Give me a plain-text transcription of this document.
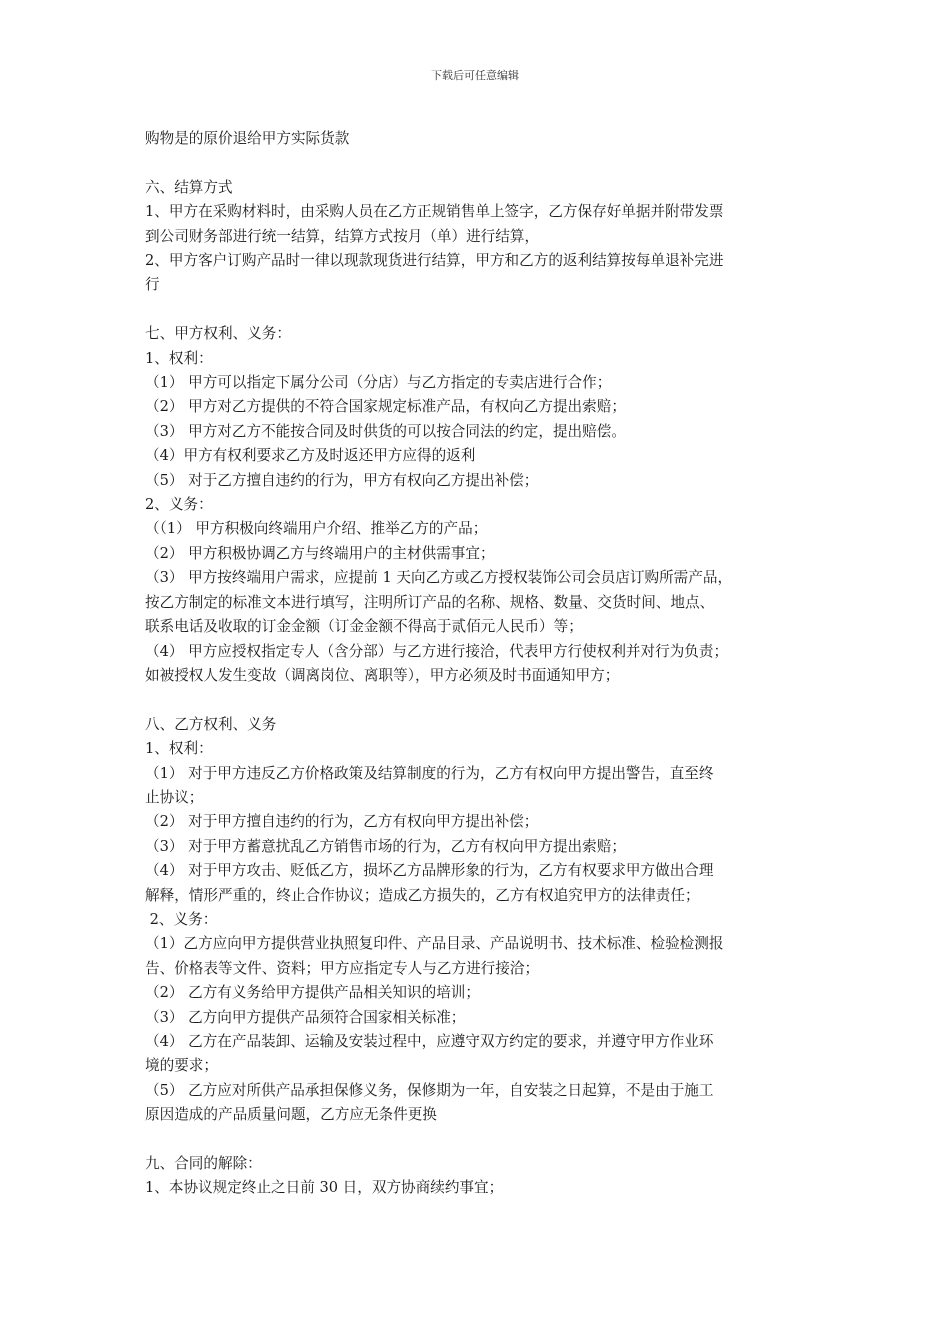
下载后可任意编辑
购物是的原价退给甲方实际货款
六、结算方式
1、甲方在采购材料时，由采购人员在乙方正规销售单上签字，乙方保存好单据并附带发票
到公司财务部进行统一结算，结算方式按月（单）进行结算，
2、甲方客户订购产品时一律以现款现货进行结算，甲方和乙方的返利结算按每单退补完进
行
七、甲方权利、义务：
1、权利：
（1） 甲方可以指定下属分公司（分店）与乙方指定的专卖店进行合作；
（2） 甲方对乙方提供的不符合国家规定标准产品，有权向乙方提出索赔；
（3） 甲方对乙方不能按合同及时供货的可以按合同法的约定，提出赔偿。
（4）甲方有权利要求乙方及时返还甲方应得的返利
（5） 对于乙方擅自违约的行为，甲方有权向乙方提出补偿；
2、义务：
（（1） 甲方积极向终端用户介绍、推举乙方的产品；
（2） 甲方积极协调乙方与终端用户的主材供需事宜；
（3） 甲方按终端用户需求，应提前 1 天向乙方或乙方授权装饰公司会员店订购所需产品，
按乙方制定的标准文本进行填写，注明所订产品的名称、规格、数量、交货时间、地点、
联系电话及收取的订金金额（订金金额不得高于贰佰元人民币）等；
（4） 甲方应授权指定专人（含分部）与乙方进行接洽，代表甲方行使权利并对行为负责；
如被授权人发生变故（调离岗位、离职等），甲方必须及时书面通知甲方；
八、乙方权利、义务
1、权利：
（1） 对于甲方违反乙方价格政策及结算制度的行为，乙方有权向甲方提出警告，直至终
止协议；
（2） 对于甲方擅自违约的行为，乙方有权向甲方提出补偿；
（3） 对于甲方蓄意扰乱乙方销售市场的行为，乙方有权向甲方提出索赔；
（4） 对于甲方攻击、贬低乙方，损坏乙方品牌形象的行为，乙方有权要求甲方做出合理
解释，情形严重的，终止合作协议；造成乙方损失的，乙方有权追究甲方的法律责任；
2、义务：
（1）乙方应向甲方提供营业执照复印件、产品目录、产品说明书、技术标准、检验检测报
告、价格表等文件、资料；甲方应指定专人与乙方进行接洽；
（2） 乙方有义务给甲方提供产品相关知识的培训；
（3） 乙方向甲方提供产品须符合国家相关标准；
（4） 乙方在产品装卸、运输及安装过程中，应遵守双方约定的要求，并遵守甲方作业环
境的要求；
（5） 乙方应对所供产品承担保修义务，保修期为一年，自安装之日起算，不是由于施工
原因造成的产品质量问题，乙方应无条件更换
九、合同的解除：
1、本协议规定终止之日前 30 日，双方协商续约事宜；
